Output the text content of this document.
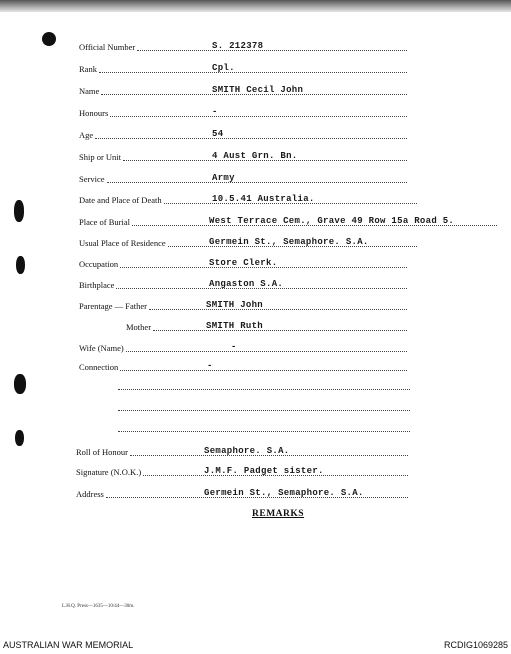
Official Number	S. 212378
Rank	Cpl.
Name	SMITH Cecil John
Honours	-
Age	54
Ship or Unit	4 Aust Grn. Bn.
Service	Army
Date and Place of Death	10.5.41 Australia.
Place of Burial	West Terrace Cem., Grave 49 Row 15a Road 5.
Usual Place of Residence	Germein St., Semaphore. S.A.
Occupation	Store Clerk.
Birthplace	Angaston S.A.
Parentage — Father	SMITH John
Mother	SMITH Ruth
Wife (Name)	-
Connection	-
Roll of Honour	Semaphore. S.A.
Signature (N.O.K.)	J.M.F. Padget sister.
Address	Germein St., Semaphore. S.A.
REMARKS
L.H.Q. Press—1635—10/44—30m.
AUSTRALIAN WAR MEMORIAL	RCDIG1069285
